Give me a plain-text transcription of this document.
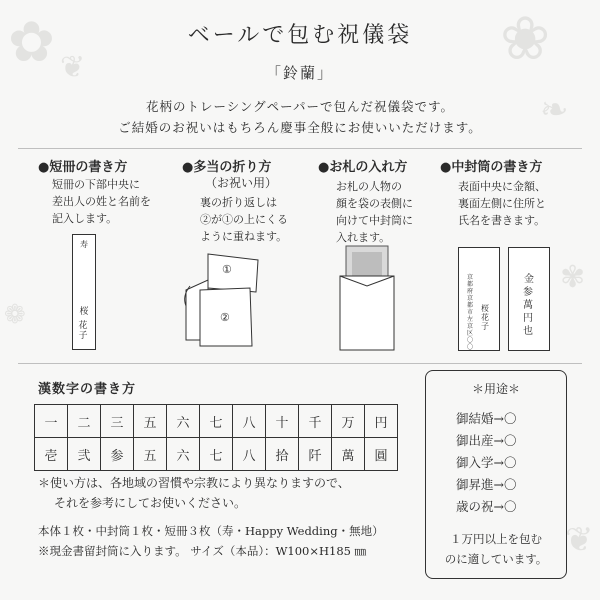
✿ ❦	❀
❧
✾
❁
❦
ベールで包む祝儀袋
「鈴蘭」
花柄のトレーシングペーパーで包んだ祝儀袋です。
ご結婚のお祝いはもちろん慶事全般にお使いいただけます。
●短冊の書き方
短冊の下部中央に
差出人の姓と名前を
記入します。
寿
桜
花子
●多当の折り方
（お祝い用）
裏の折り返しは
②が①の上にくる
ように重ねます。
①
②
●お札の入れ方
お札の人物の
顔を袋の表側に
向けて中封筒に
入れます。
●中封筒の書き方
表面中央に金額、
裏面左側に住所と
氏名を書きます。
京都府京都市左京区〇〇
桜 花子
金
参萬円也
漢数字の書き方
一	二	三	五	六	七	八	十	千	万	円
壱	弐	参	五	六	七	八	拾	阡	萬	圓
＊使い方は、各地域の習慣や宗教により異なりますので、
それを参考にしてお使いください。
本体１枚・中封筒１枚・短冊３枚（寿・Happy Wedding・無地）
※現金書留封筒に入ります。 サイズ（本品）：W100×H185 ㎜
＊用途＊
御結婚→〇
御出産→〇
御入学→〇
御昇進→〇
歳の祝→〇
１万円以上を包む
のに適しています。
